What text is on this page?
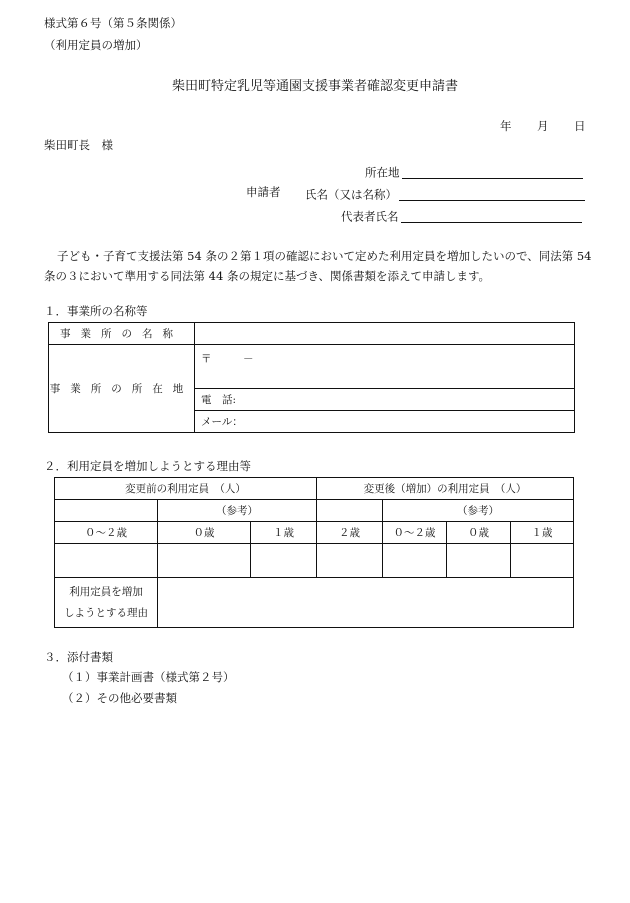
様式第６号（第５条関係）
（利用定員の増加）
柴田町特定乳児等通園支援事業者確認変更申請書
年 月 日
柴田町長　様
所在地
申請者 氏名（又は名称）
代表者氏名
子ども・子育て支援法第 54 条の２第１項の確認において定めた利用定員を増加したいので、同法第 54 条の３において準用する同法第 44 条の規定に基づき、関係書類を添えて申請します。
１．事業所の名称等
事業所の名称	
事業所の所在地	〒　　　－
	電　話:
	メール：
２．利用定員を増加しようとする理由等
変更前の利用定員　（人）			変更後（増加）の利用定員　（人）			
	（参考）			（参考）		
０～２歳	０歳	１歳	２歳	０～２歳	０歳	１歳

利用定員を増加
しようとする理由						
３．添付書類
（１）事業計画書（様式第２号）
（２）その他必要書類
